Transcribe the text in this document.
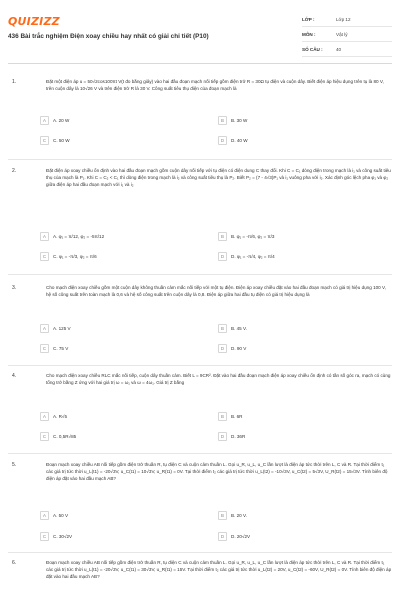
QUIZIZZ
436 Bài trắc nghiệm Điện xoay chiều hay nhất có giải chi tiết (P10)
LỚP :	Lớp 12
MÔN :	Vật lý
SỐ CÂU :	40
1.	Đặt một điện áp u = 50√2cos100πt V(t đo bằng giây) vào hai đầu đoạn mạch nối tiếp gồm điện trở R = 30Ω tụ điện và cuộn dây. Biết điện áp hiệu dụng trên tụ là 80 V, trên cuộn dây là 10√26 V và trên điện trở R là 30 V. Công suất tiêu thụ điện của đoạn mạch là
A	A. 20 W	B	B. 30 W
C	C. 50 W	D	D. 40 W
2.	Đặt điện áp xoay chiều ổn định vào hai đầu đoạn mạch gồm cuộn dây nối tiếp với tụ điện có điện dung C thay đổi. Khi C = C₁ dòng điện trong mạch là i₁ và công suất tiêu thụ của mạch là P₁. Khi C = C₂ < C₁ thì dòng điện trong mạch là i₂ và công suất tiêu thụ là P₂. Biết P₂ = (7 - 4√3)P₁ và i₁ vuông pha với i₂. Xác định góc lệch pha φ₁ và φ₂ giữa điện áp hai đầu đoạn mạch với i₁ và i₂
A	A. φ₁ = π/12, φ₂ = -5π/12	B	B. φ₁ = -π/6, φ₂ = π/3
C	C. φ₁ = -π/3, φ₂ = π/6	D	D. φ₁ = -π/4, φ₂ = π/4
3.	Cho mạch điện xoay chiều gồm một cuộn dây không thuần cảm mắc nối tiếp với một tụ điện. Điện áp xoay chiều đặt vào hai đầu đoạn mạch có giá trị hiệu dụng 100 V, hệ số công suất trên toàn mạch là 0,6 và hệ số công suất trên cuộn dây là 0,8. Điện áp giữa hai đầu tụ điện có giá trị hiệu dụng là
A	A. 125 V	B	B. 45 V.
C	C. 75 V	D	D. 90 V
4.	Cho mạch điện xoay chiều RLC mắc nối tiếp, cuộn dây thuần cảm. Biết L = 9CR². Đặt vào hai đầu đoạn mạch điện áp xoay chiều ổn định có tần số góc ra, mạch có cùng tổng trở bằng Z ứng với hai giá trị ω = ω₁ và ω = 4ω₁. Giá trị Z bằng
A	A. R√5	B	B. 6R
C	C. 0,5R√85	D	D. 36R
5.	Đoạn mạch xoay chiều AB nối tiếp gồm điện trở thuần R, tụ điện C và cuộn cảm thuần L. Gọi u_R, u_L, u_C lần lượt là điện áp tức thời trên L, C và R. Tại thời điểm t₁ các giá trị tức thời u_L(t1) = -20√3V, u_C(t1) = 10√3V, u_R(t1) = 0V. Tại thời điểm t₂ các giá trị tức thời u_L(t2) = -10√3V, u_C(t2) = 5√3V, U_R(t2) = 15√3V. Tính biên độ điện áp đặt vào hai đầu mạch AB?
A	A. 50 V	B	B. 20 V.
C	C. 30√2V	D	D. 20√2V
6.	Đoạn mạch xoay chiều AB nối tiếp gồm điện trở thuần R, tụ điện C và cuộn cảm thuần L. Gọi u_R, u_L, u_C lần lượt là điện áp tức thời trên L, C và R. Tại thời điểm t₁ các giá trị tức thời u_L(t1) = -20√3V, u_C(t1) = 30√3V, u_R(t1) = 15V. Tại thời điểm t₂ các giá trị tức thời u_L(t2) = 20V, u_C(t2) = -60V, U_R(t2) = 0V. Tính biên độ điện áp đặt vào hai đầu mạch AB?
